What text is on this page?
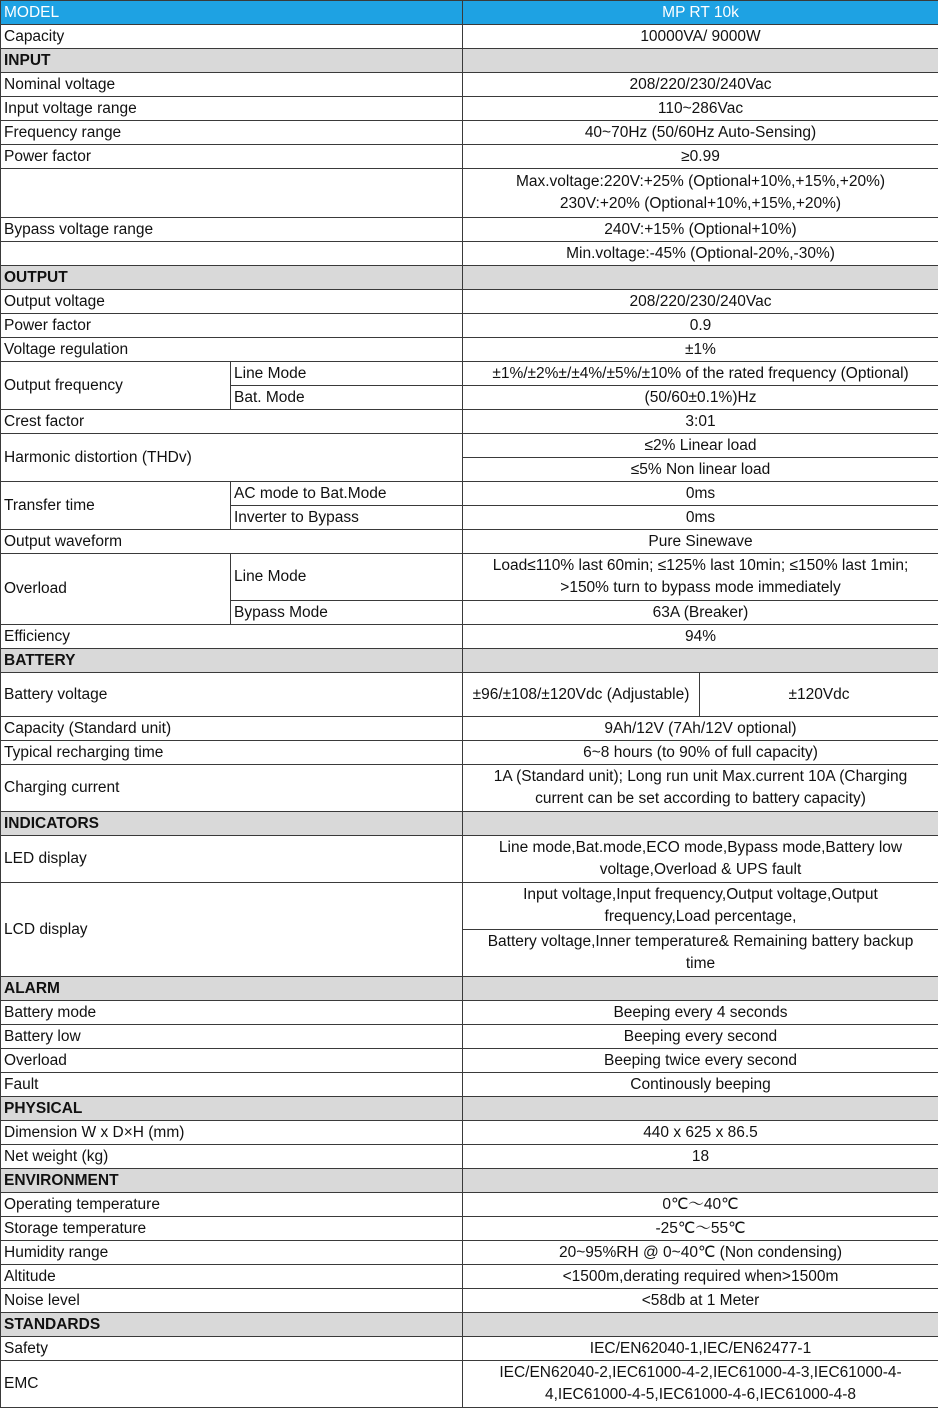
MODEL		MP RT 10k	
Capacity		10000VA/ 9000W	
INPUT			
Nominal voltage		208/220/230/240Vac	
Input voltage range		110~286Vac	
Frequency range		40~70Hz (50/60Hz Auto-Sensing)	
Power factor		≥0.99	

		Max.voltage:220V:+25% (Optional+10%,+15%,+20%)
230V:+20% (Optional+10%,+15%,+20%)	

Bypass voltage range		240V:+15% (Optional+10%)	
		Min.voltage:-45% (Optional-20%,-30%)	
OUTPUT			
Output voltage		208/220/230/240Vac	
Power factor		0.9	
Voltage regulation		±1%	
Output frequency	Line Mode	±1%/±2%±/±4%/±5%/±10% of the rated frequency (Optional)	
	Bat. Mode	(50/60±0.1%)Hz	
Crest factor		3:01	
Harmonic distortion (THDv)		≤2% Linear load	
		≤5% Non linear load	
Transfer time	AC mode to Bat.Mode	0ms	
	Inverter to Bypass	0ms	
Output waveform		Pure Sinewave	
Overload	Line Mode	Load≤110% last 60min; ≤125% last 10min; ≤150% last 1min;
>150% turn to bypass mode immediately	

	Bypass Mode	63A (Breaker)	
Efficiency		94%	
BATTERY			
Battery voltage		±96/±108/±120Vdc (Adjustable)	±120Vdc
Capacity (Standard unit)		9Ah/12V (7Ah/12V optional)	
Typical recharging time		6~8 hours (to 90% of full capacity)	
Charging current		1A (Standard unit); Long run unit Max.current 10A (Charging
current can be set according to battery capacity)	

INDICATORS			
LED display		Line mode,Bat.mode,ECO mode,Bypass mode,Battery low
voltage,Overload & UPS fault	

LCD display		Input voltage,Input frequency,Output voltage,Output
frequency,Load percentage,	

		Battery voltage,Inner temperature& Remaining battery backup
time	

ALARM			
Battery mode		Beeping every 4 seconds	
Battery low		Beeping every second	
Overload		Beeping twice every second	
Fault		Continously beeping	
PHYSICAL			
Dimension W x D×H (mm)		440 x 625 x 86.5	
Net weight (kg)		18	
ENVIRONMENT			
Operating temperature		0℃～40℃	
Storage temperature		-25℃～55℃	
Humidity range		20~95%RH @ 0~40℃ (Non condensing)	
Altitude		<1500m,derating required when>1500m	
Noise level		<58db at 1 Meter	
STANDARDS			
Safety		IEC/EN62040-1,IEC/EN62477-1	
EMC		IEC/EN62040-2,IEC61000-4-2,IEC61000-4-3,IEC61000-4-
4,IEC61000-4-5,IEC61000-4-6,IEC61000-4-8	
